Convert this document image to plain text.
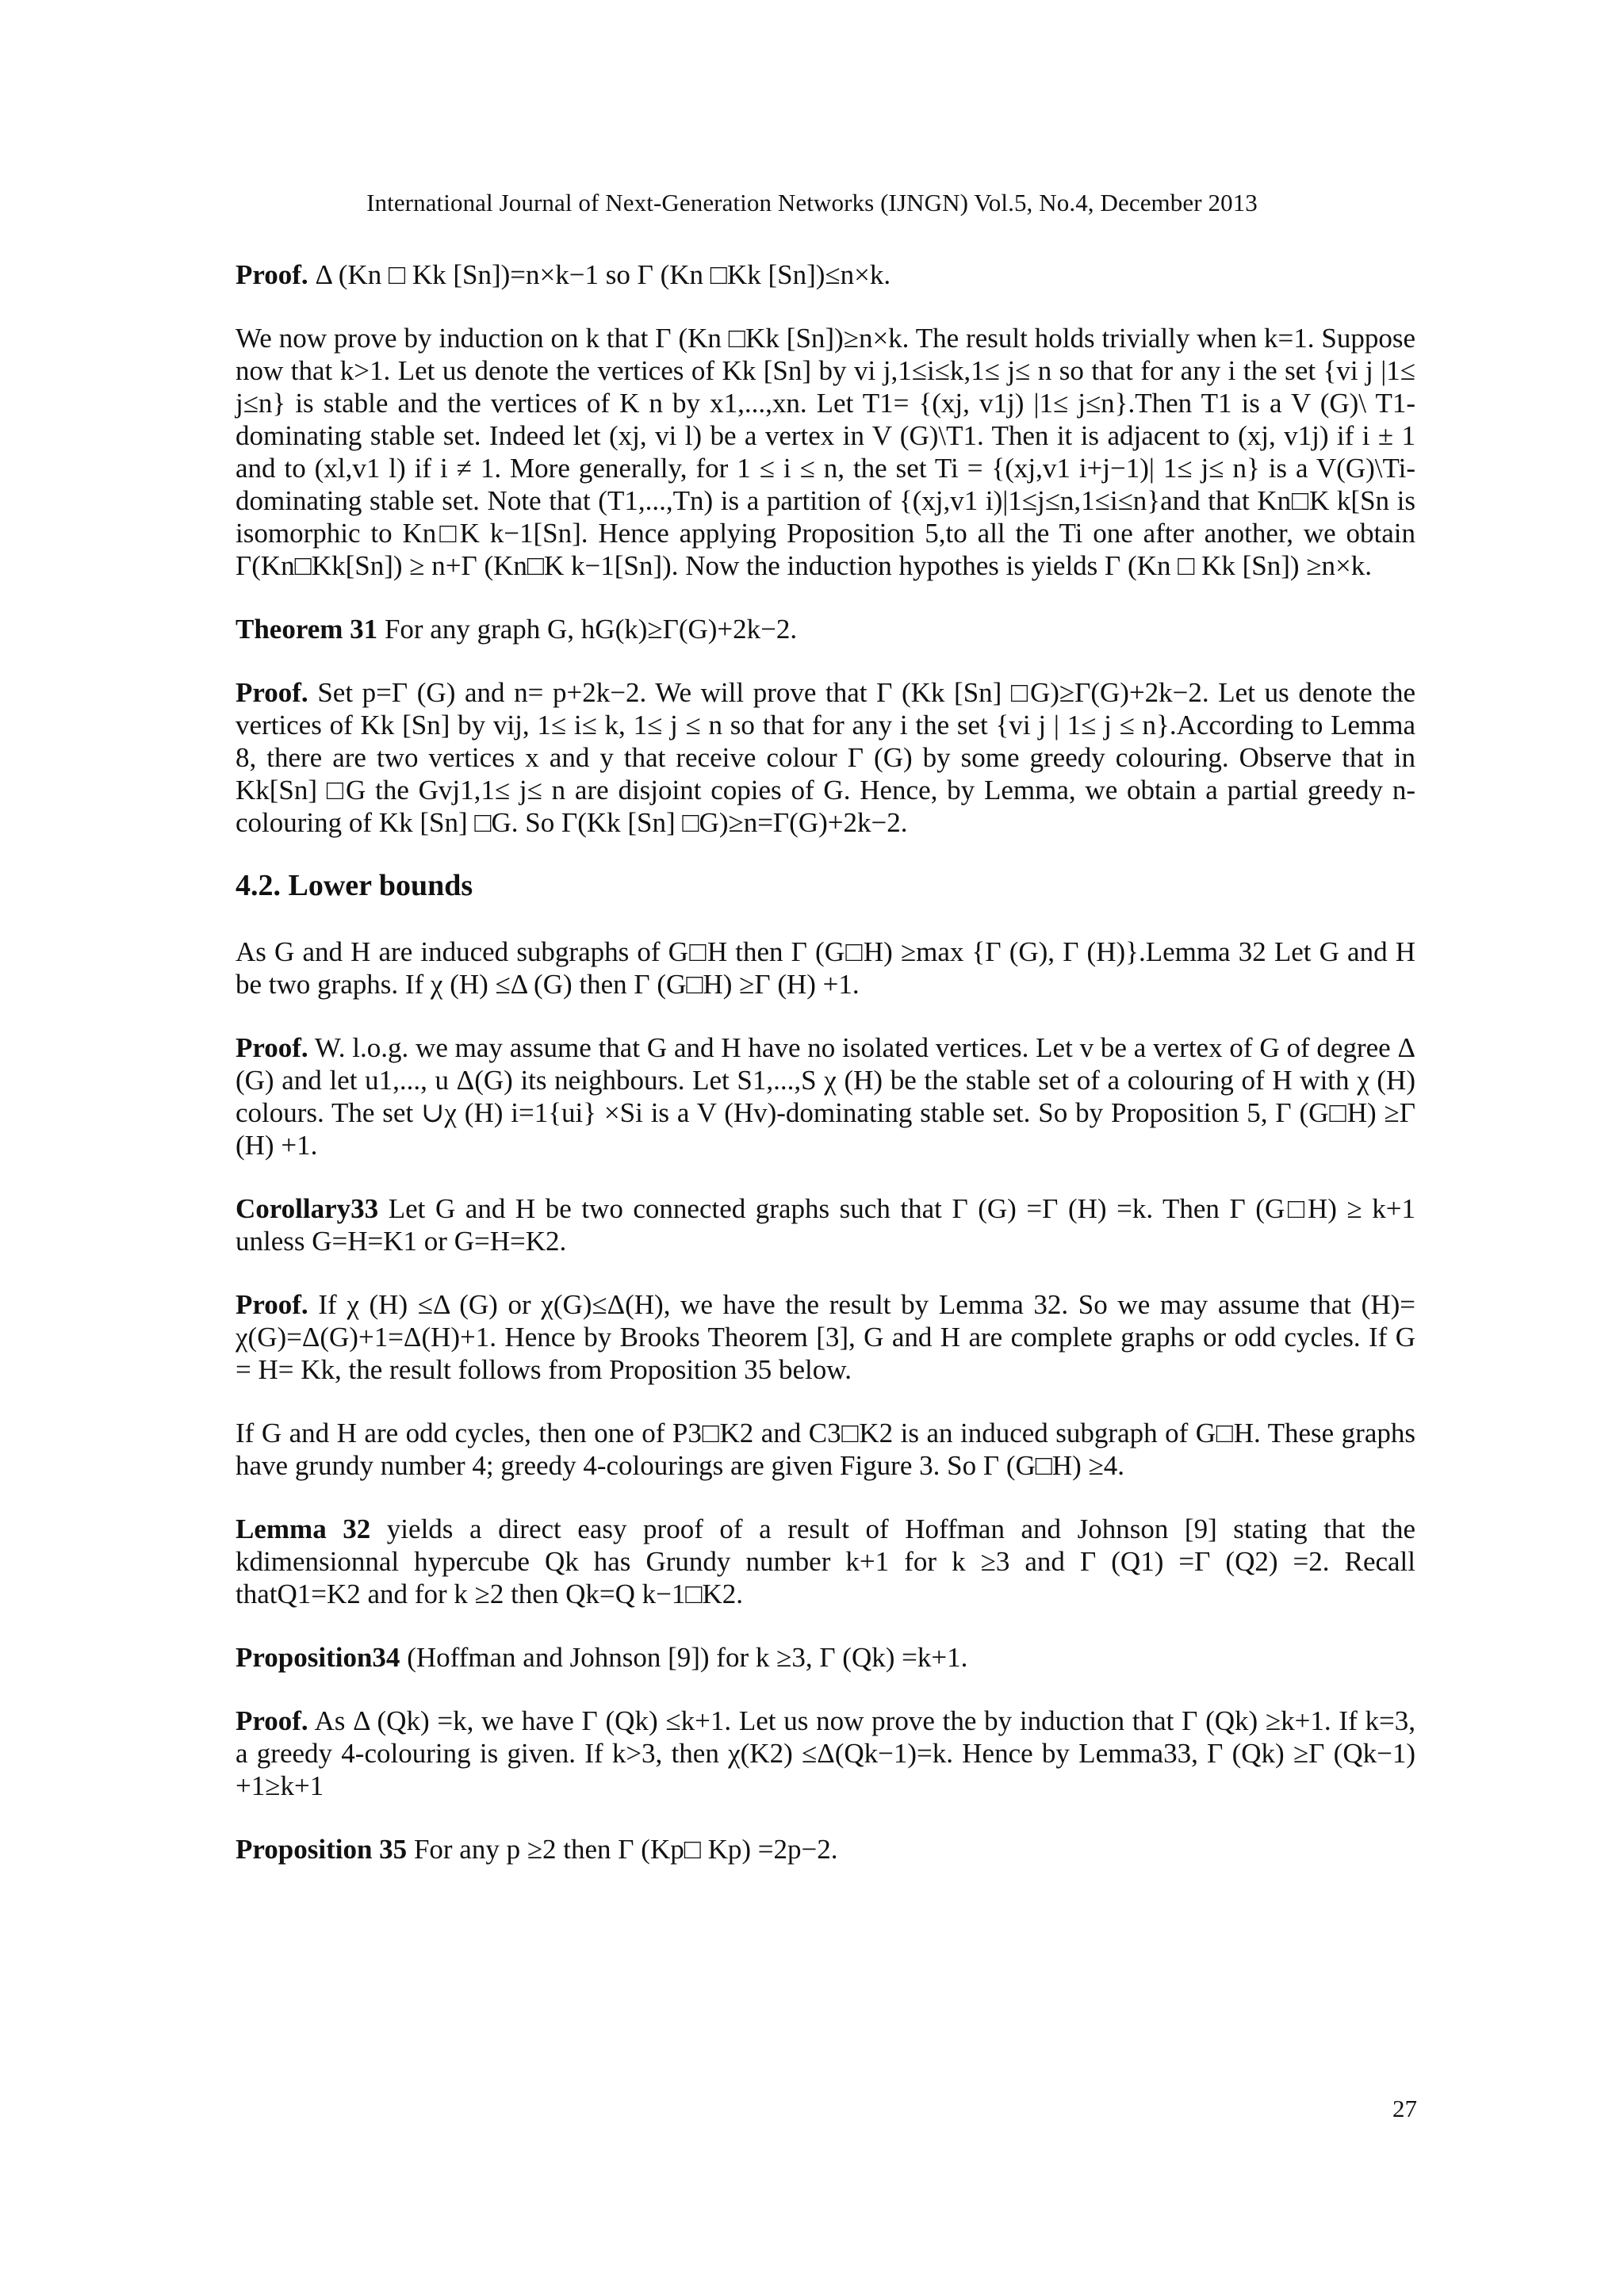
International Journal of Next-Generation Networks (IJNGN) Vol.5, No.4, December 2013

Proof. Δ (Kn □ Kk [Sn])=n×k−1 so Γ (Kn □Kk [Sn])≤n×k.

We now prove by induction on k that Γ (Kn □Kk [Sn])≥n×k. The result holds trivially when k=1. Suppose now that k>1. Let us denote the vertices of Kk [Sn] by vi j,1≤i≤k,1≤ j≤ n so that for any i the set {vi j |1≤ j≤n} is stable and the vertices of K n by x1,...,xn. Let T1= {(xj, v1j) |1≤ j≤n}.Then T1 is a V (G)\ T1-dominating stable set. Indeed let (xj, vi l) be a vertex in V (G)\T1. Then it is adjacent to (xj, v1j) if i ± 1 and to (xl,v1 l) if i ≠ 1. More generally, for 1 ≤ i ≤ n, the set Ti = {(xj,v1 i+j−1)| 1≤ j≤ n} is a V(G)\Ti-dominating stable set. Note that (T1,...,Tn) is a partition of {(xj,v1 i)|1≤j≤n,1≤i≤n}and that Kn□K k[Sn is isomorphic to Kn□K k−1[Sn]. Hence applying Proposition 5,to all the Ti one after another, we obtain Γ(Kn□Kk[Sn]) ≥ n+Γ (Kn□K k−1[Sn]). Now the induction hypothes is yields Γ (Kn □ Kk [Sn]) ≥n×k.

Theorem 31 For any graph G, hG(k)≥Γ(G)+2k−2.

Proof. Set p=Γ (G) and n= p+2k−2. We will prove that Γ (Kk [Sn] □G)≥Γ(G)+2k−2. Let us denote the vertices of Kk [Sn] by vij, 1≤ i≤ k, 1≤ j ≤ n so that for any i the set {vi j | 1≤ j ≤ n}.According to Lemma 8, there are two vertices x and y that receive colour Γ (G) by some greedy colouring. Observe that in Kk[Sn] □G the Gvj1,1≤ j≤ n are disjoint copies of G. Hence, by Lemma, we obtain a partial greedy n-colouring of Kk [Sn] □G. So Γ(Kk [Sn] □G)≥n=Γ(G)+2k−2.

4.2. Lower bounds

As G and H are induced subgraphs of G□H then Γ (G□H) ≥max {Γ (G), Γ (H)}.Lemma 32 Let G and H be two graphs. If χ (H) ≤Δ (G) then Γ (G□H) ≥Γ (H) +1.

Proof. W. l.o.g. we may assume that G and H have no isolated vertices. Let v be a vertex of G of degree Δ (G) and let u1,..., u Δ(G) its neighbours. Let S1,...,S χ (H) be the stable set of a colouring of H with χ (H) colours. The set ∪χ (H) i=1{ui} ×Si is a V (Hv)-dominating stable set. So by Proposition 5, Γ (G□H) ≥Γ (H) +1.

Corollary33 Let G and H be two connected graphs such that Γ (G) =Γ (H) =k. Then Γ (G□H) ≥ k+1 unless G=H=K1 or G=H=K2.

Proof. If χ (H) ≤Δ (G) or χ(G)≤Δ(H), we have the result by Lemma 32. So we may assume that (H)= χ(G)=Δ(G)+1=Δ(H)+1. Hence by Brooks Theorem [3], G and H are complete graphs or odd cycles. If G = H= Kk, the result follows from Proposition 35 below.

If G and H are odd cycles, then one of P3□K2 and C3□K2 is an induced subgraph of G□H. These graphs have grundy number 4; greedy 4-colourings are given Figure 3. So Γ (G□H) ≥4.

Lemma 32 yields a direct easy proof of a result of Hoffman and Johnson [9] stating that the kdimensionnal hypercube Qk has Grundy number k+1 for k ≥3 and Γ (Q1) =Γ (Q2) =2. Recall thatQ1=K2 and for k ≥2 then Qk=Q k−1□K2.

Proposition34 (Hoffman and Johnson [9]) for k ≥3, Γ (Qk) =k+1.

Proof. As Δ (Qk) =k, we have Γ (Qk) ≤k+1. Let us now prove the by induction that Γ (Qk) ≥k+1. If k=3, a greedy 4-colouring is given. If k>3, then χ(K2) ≤Δ(Qk−1)=k. Hence by Lemma33, Γ (Qk) ≥Γ (Qk−1) +1≥k+1

Proposition 35 For any p ≥2 then Γ (Kp□ Kp) =2p−2.

27
